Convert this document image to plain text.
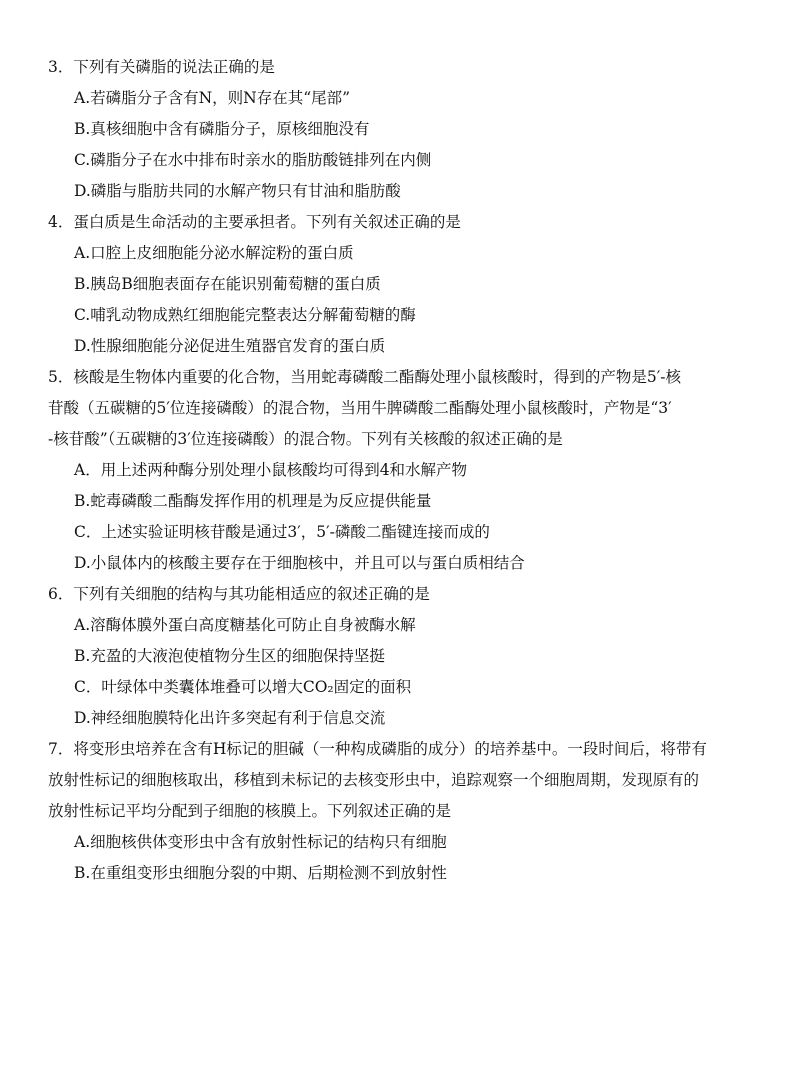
3．下列有关磷脂的说法正确的是
A.若磷脂分子含有N，则N存在其“尾部”
B.真核细胞中含有磷脂分子，原核细胞没有
C.磷脂分子在水中排布时亲水的脂肪酸链排列在内侧
D.磷脂与脂肪共同的水解产物只有甘油和脂肪酸
4．蛋白质是生命活动的主要承担者。下列有关叙述正确的是
A.口腔上皮细胞能分泌水解淀粉的蛋白质
B.胰岛B细胞表面存在能识别葡萄糖的蛋白质
C.哺乳动物成熟红细胞能完整表达分解葡萄糖的酶
D.性腺细胞能分泌促进生殖器官发育的蛋白质
5．核酸是生物体内重要的化合物，当用蛇毒磷酸二酯酶处理小鼠核酸时，得到的产物是5′-核
苷酸（五碳糖的5′位连接磷酸）的混合物，当用牛脾磷酸二酯酶处理小鼠核酸时，产物是“3′
-核苷酸”（五碳糖的3′位连接磷酸）的混合物。下列有关核酸的叙述正确的是
A．用上述两种酶分别处理小鼠核酸均可得到4和水解产物
B.蛇毒磷酸二酯酶发挥作用的机理是为反应提供能量
C．上述实验证明核苷酸是通过3′，5′-磷酸二酯键连接而成的
D.小鼠体内的核酸主要存在于细胞核中，并且可以与蛋白质相结合
6．下列有关细胞的结构与其功能相适应的叙述正确的是
A.溶酶体膜外蛋白高度糖基化可防止自身被酶水解
B.充盈的大液泡使植物分生区的细胞保持坚挺
C．叶绿体中类囊体堆叠可以增大CO₂固定的面积
D.神经细胞膜特化出许多突起有利于信息交流
7．将变形虫培养在含有H标记的胆碱（一种构成磷脂的成分）的培养基中。一段时间后，将带有
放射性标记的细胞核取出，移植到未标记的去核变形虫中，追踪观察一个细胞周期，发现原有的
放射性标记平均分配到子细胞的核膜上。下列叙述正确的是
A.细胞核供体变形虫中含有放射性标记的结构只有细胞
B.在重组变形虫细胞分裂的中期、后期检测不到放射性
